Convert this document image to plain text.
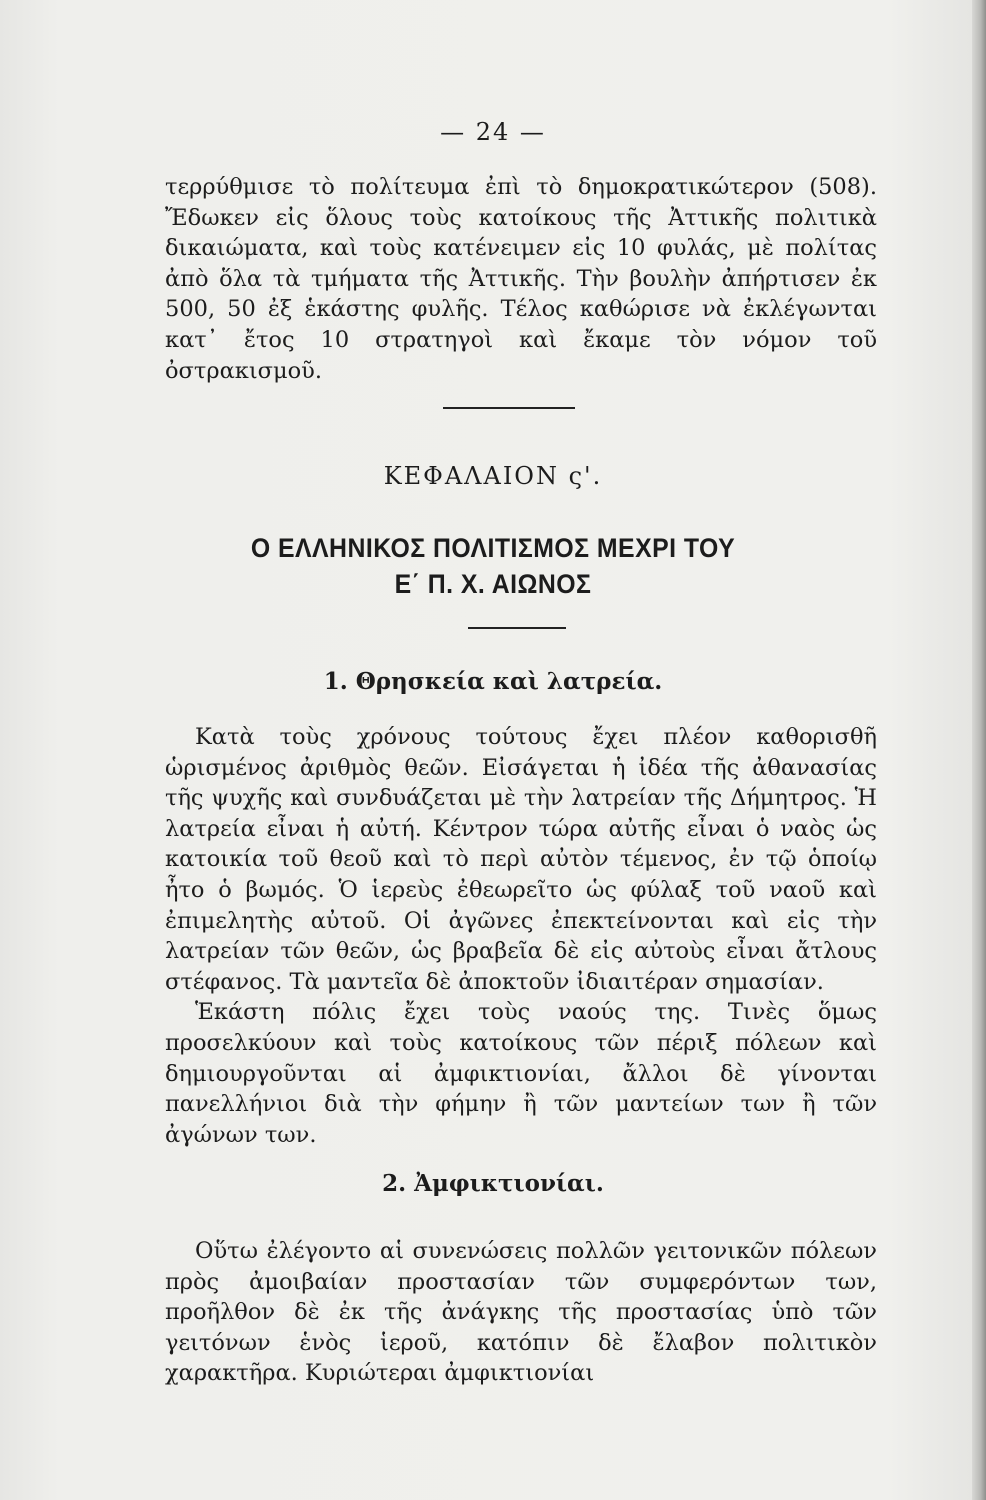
— 24 —

τερρύθμισε τὸ πολίτευμα ἐπὶ τὸ δημοκρατικώτερον (508). Ἔδωκεν εἰς ὅλους τοὺς κατοίκους τῆς Ἀττικῆς πολιτικὰ δικαιώματα, καὶ τοὺς κατένειμεν εἰς 10 φυλάς, μὲ πολίτας ἀπὸ ὅλα τὰ τμήματα τῆς Ἀττικῆς. Τὴν βουλὴν ἀπήρτισεν ἐκ 500, 50 ἐξ ἑκάστης φυλῆς. Τέλος καθώρισε νὰ ἐκλέγωνται κατ᾽ ἔτος 10 στρατηγοὶ καὶ ἔκαμε τὸν νόμον τοῦ ὀστρακισμοῦ.

ΚΕΦΑΛΑΙΟΝ ς'.
Ο ΕΛΛΗΝΙΚΟΣ ΠΟΛΙΤΙΣΜΟΣ ΜΕΧΡΙ ΤΟΥ
Ε΄ Π. Χ. ΑΙΩΝΟΣ
1. Θρησκεία καὶ λατρεία.

Κατὰ τοὺς χρόνους τούτους ἔχει πλέον καθορισθῆ ὡρισμένος ἀριθμὸς θεῶν. Εἰσάγεται ἡ ἰδέα τῆς ἀθανασίας τῆς ψυχῆς καὶ συνδυάζεται μὲ τὴν λατρείαν τῆς Δήμητρος. Ἡ λατρεία εἶναι ἡ αὐτή. Κέντρον τώρα αὐτῆς εἶναι ὁ ναὸς ὡς κατοικία τοῦ θεοῦ καὶ τὸ περὶ αὐτὸν τέμενος, ἐν τῷ ὁποίῳ ἦτο ὁ βωμός. Ὁ ἱερεὺς ἐθεωρεῖτο ὡς φύλαξ τοῦ ναοῦ καὶ ἐπιμελητὴς αὐτοῦ. Οἱ ἀγῶνες ἐπεκτείνονται καὶ εἰς τὴν λατρείαν τῶν θεῶν, ὡς βραβεῖα δὲ εἰς αὐτοὺς εἶναι ἄτλους στέφανος. Τὰ μαντεῖα δὲ ἀποκτοῦν ἰδιαιτέραν σημασίαν.

Ἑκάστη πόλις ἔχει τοὺς ναούς της. Τινὲς ὅμως προσελκύουν καὶ τοὺς κατοίκους τῶν πέριξ πόλεων καὶ δημιουργοῦνται αἱ ἀμφικτιονίαι, ἄλλοι δὲ γίνονται πανελλήνιοι διὰ τὴν φήμην ἢ τῶν μαντείων των ἢ τῶν ἀγώνων των.

2. Ἀμφικτιονίαι.

Οὕτω ἐλέγοντο αἱ συνενώσεις πολλῶν γειτονικῶν πόλεων πρὸς ἀμοιβαίαν προστασίαν τῶν συμφερόντων των, προῆλθον δὲ ἐκ τῆς ἀνάγκης τῆς προστασίας ὑπὸ τῶν γειτόνων ἑνὸς ἱεροῦ, κατόπιν δὲ ἔλαβον πολιτικὸν χαρακτῆρα. Κυριώτεραι ἀμφικτιονίαι
